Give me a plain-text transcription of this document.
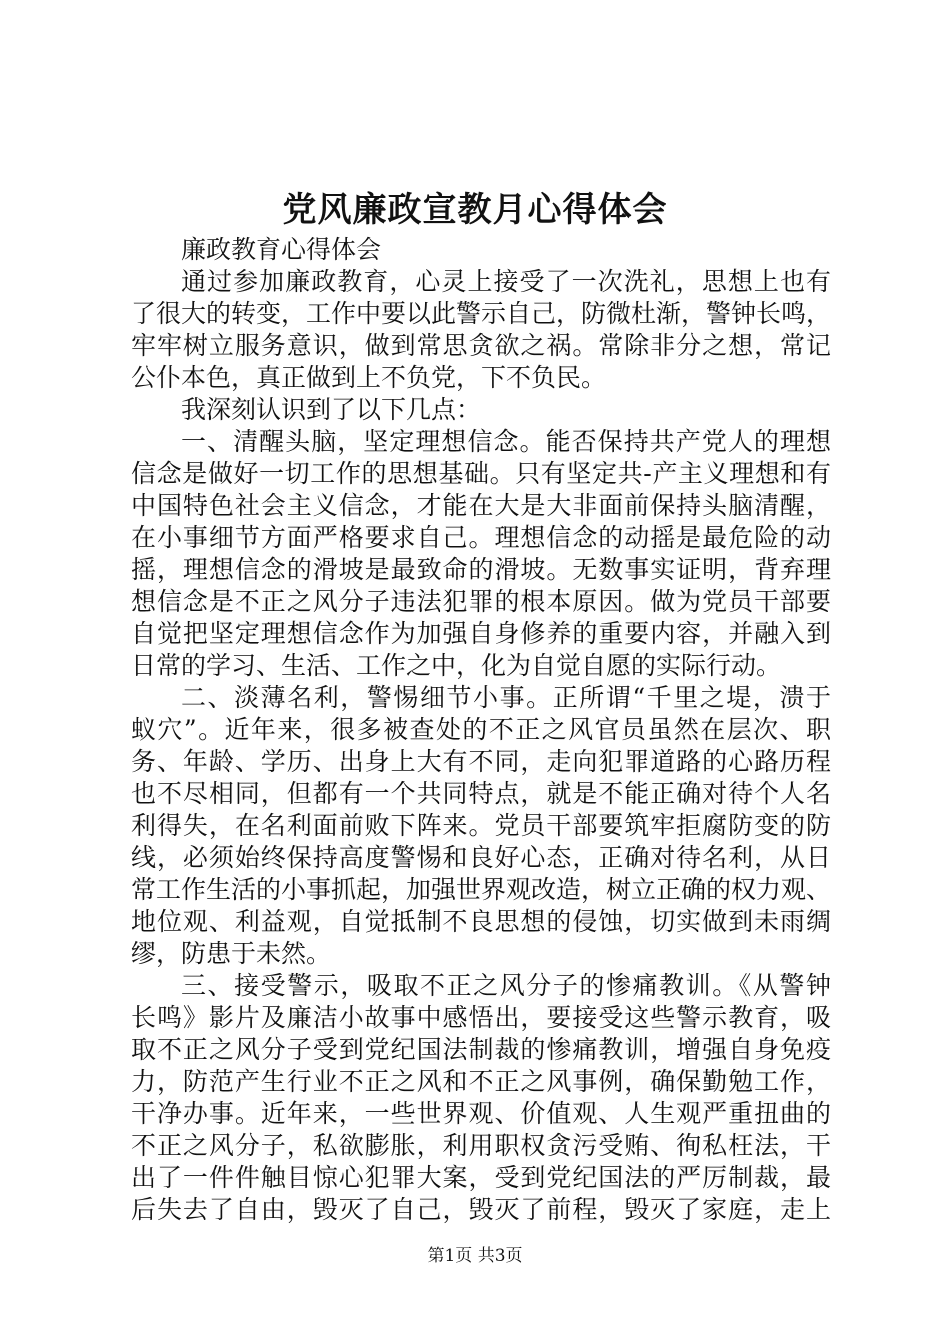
党风廉政宣教月心得体会
廉政教育心得体会
通过参加廉政教育，心灵上接受了一次洗礼，思想上也有
了很大的转变，工作中要以此警示自己，防微杜渐，警钟长鸣，
牢牢树立服务意识，做到常思贪欲之祸。常除非分之想，常记
公仆本色，真正做到上不负党，下不负民。
我深刻认识到了以下几点：
一、清醒头脑，坚定理想信念。能否保持共产党人的理想
信念是做好一切工作的思想基础。只有坚定共-产主义理想和有
中国特色社会主义信念，才能在大是大非面前保持头脑清醒，
在小事细节方面严格要求自己。理想信念的动摇是最危险的动
摇，理想信念的滑坡是最致命的滑坡。无数事实证明，背弃理
想信念是不正之风分子违法犯罪的根本原因。做为党员干部要
自觉把坚定理想信念作为加强自身修养的重要内容，并融入到
日常的学习、生活、工作之中，化为自觉自愿的实际行动。
二、淡薄名利，警惕细节小事。正所谓“千里之堤，溃于
蚁穴”。近年来，很多被查处的不正之风官员虽然在层次、职
务、年龄、学历、出身上大有不同，走向犯罪道路的心路历程
也不尽相同，但都有一个共同特点，就是不能正确对待个人名
利得失，在名利面前败下阵来。党员干部要筑牢拒腐防变的防
线，必须始终保持高度警惕和良好心态，正确对待名利，从日
常工作生活的小事抓起，加强世界观改造，树立正确的权力观、
地位观、利益观，自觉抵制不良思想的侵蚀，切实做到未雨绸
缪，防患于未然。
三、接受警示，吸取不正之风分子的惨痛教训。《从警钟
长鸣》影片及廉洁小故事中感悟出，要接受这些警示教育，吸
取不正之风分子受到党纪国法制裁的惨痛教训，增强自身免疫
力，防范产生行业不正之风和不正之风事例，确保勤勉工作，
干净办事。近年来，一些世界观、价值观、人生观严重扭曲的
不正之风分子，私欲膨胀，利用职权贪污受贿、徇私枉法，干
出了一件件触目惊心犯罪大案，受到党纪国法的严厉制裁，最
后失去了自由，毁灭了自己，毁灭了前程，毁灭了家庭，走上
第1页 共3页
